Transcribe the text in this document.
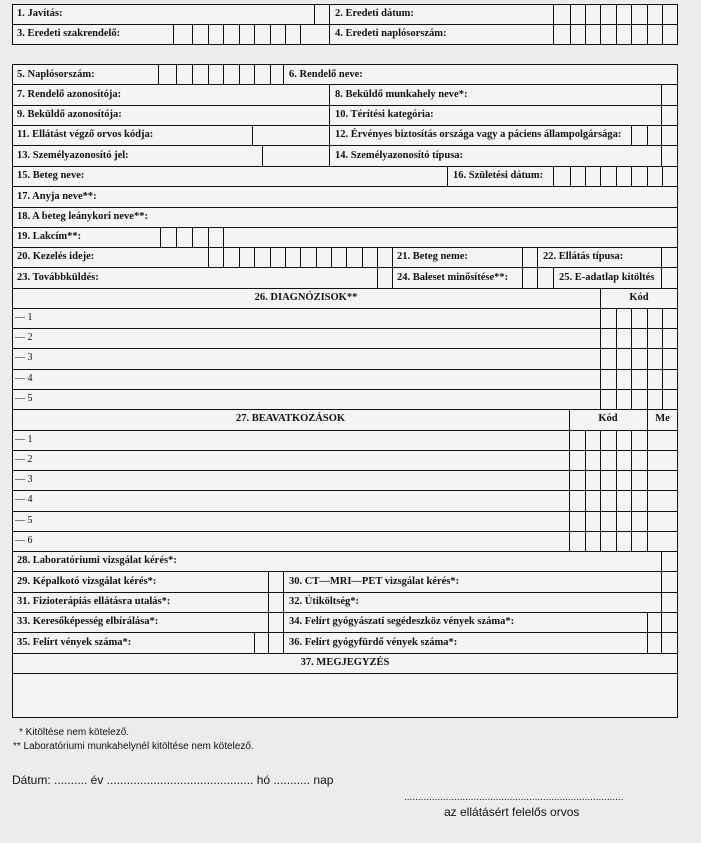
1. Javítás:	2. Eredeti dátum:
3. Eredeti szakrendelő:	4. Eredeti naplósorszám:
5. Naplósorszám:	6. Rendelő neve:
7. Rendelő azonosítója:	8. Beküldő munkahely neve*:
9. Beküldő azonosítója:	10. Térítési kategória:
11. Ellátást végző orvos kódja:	12. Érvényes biztosítás országa vagy a páciens állampolgársága:
13. Személyazonosító jel:	14. Személyazonosító típusa:
15. Beteg neve:	16. Születési dátum:
17. Anyja neve**:
18. A beteg leánykori neve**:
19. Lakcím**:
20. Kezelés ideje:	21. Beteg neme:	22. Ellátás típusa:
23. Továbbküldés:	24. Baleset minősítése**:	25. E-adatlap kitöltés
26. DIAGNÓZISOK**	Kód
— 1
— 2
— 3
— 4
— 5
27. BEAVATKOZÁSOK	Kód	Me
— 1
— 2
— 3
— 4
— 5
— 6
28. Laboratóriumi vizsgálat kérés*:
29. Képalkotó vizsgálat kérés*:	30. CT—MRI—PET vizsgálat kérés*:
31. Fizioterápiás ellátásra utalás*:	32. Útiköltség*:
33. Keresőképesség elbírálása*:	34. Felírt gyógyászati segédeszköz vények száma*:
35. Felírt vények száma*:	36. Felírt gyógyfürdő vények száma*:
37. MEGJEGYZÉS
* Kitöltése nem kötelező.
** Laboratóriumi munkahelynél kitöltése nem kötelező.
Dátum: .......... év ............................................ hó ........... nap
...............................................................................
az ellátásért felelős orvos
